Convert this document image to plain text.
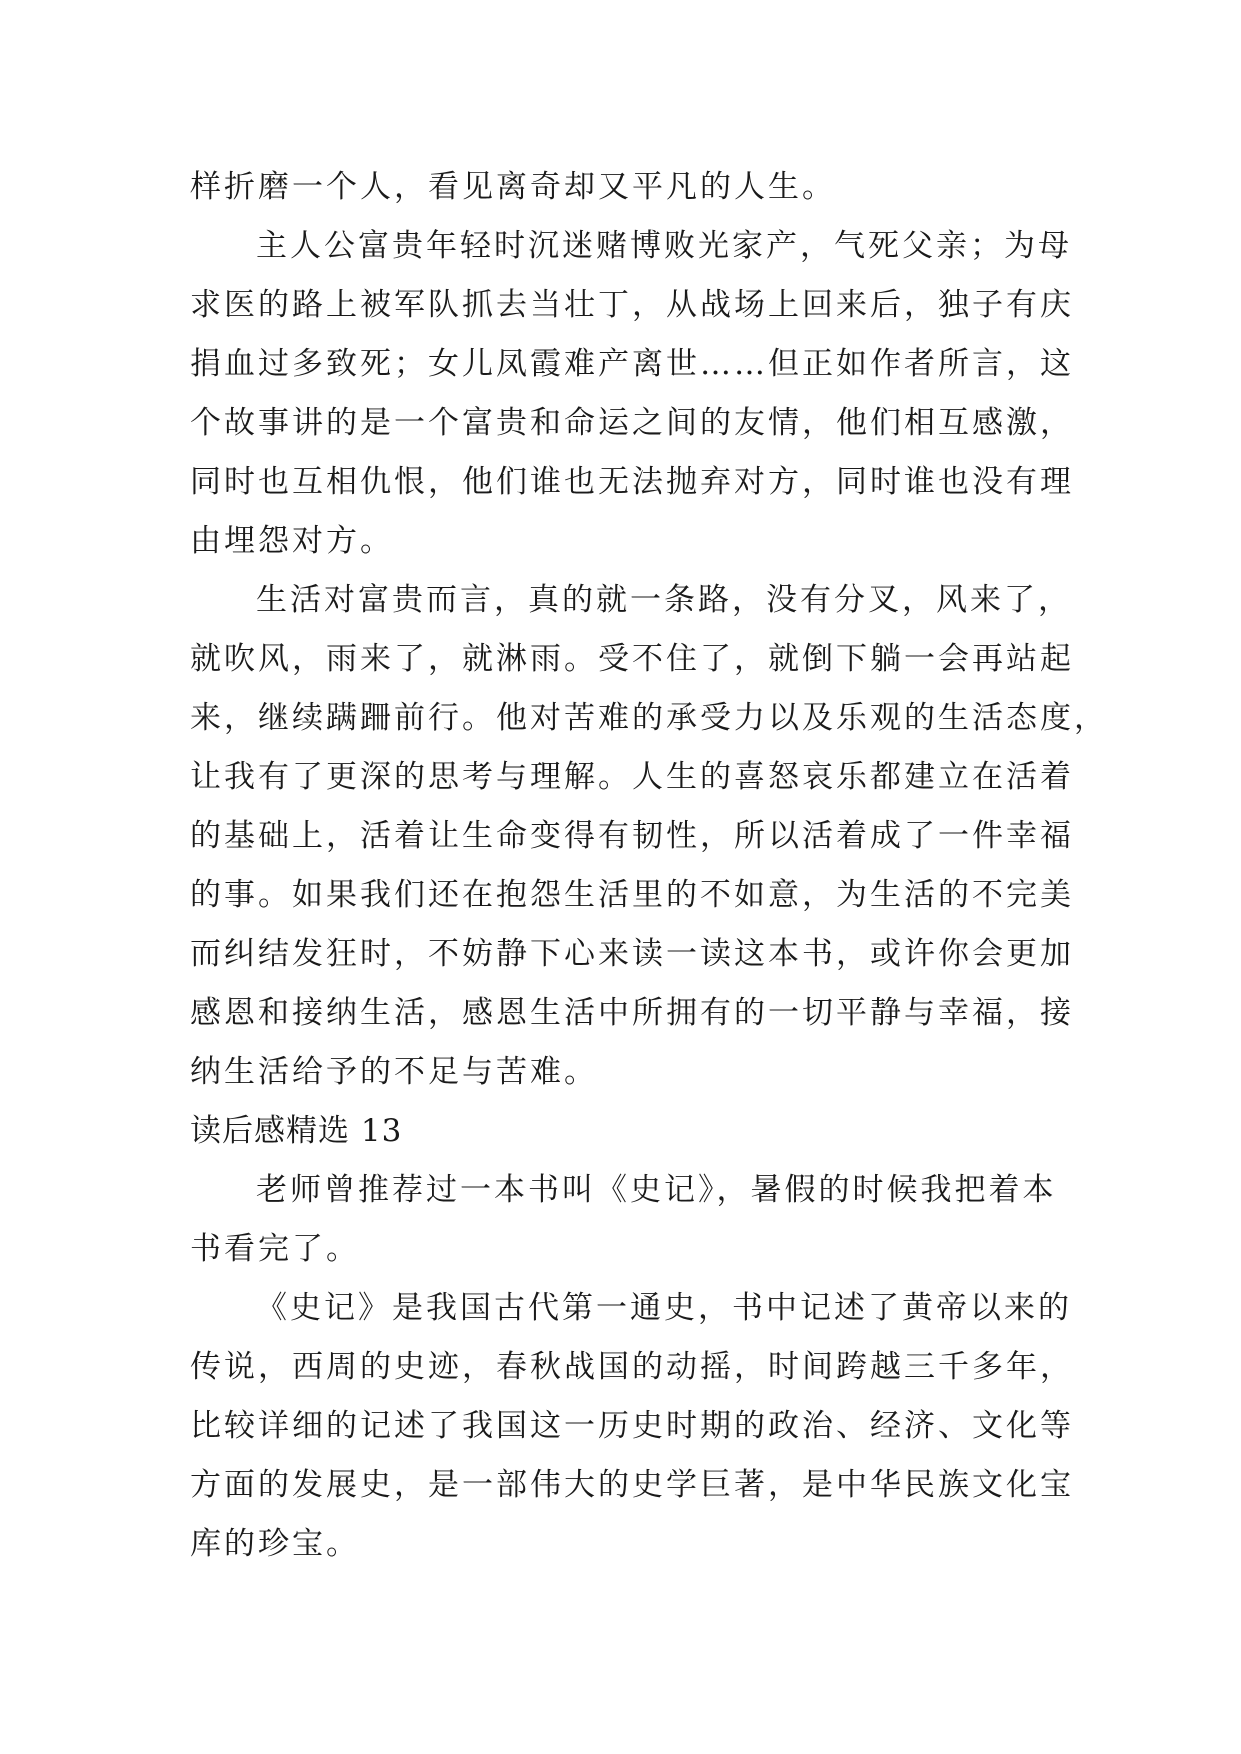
样折磨一个人，看见离奇却又平凡的人生。
主人公富贵年轻时沉迷赌博败光家产，气死父亲；为母
求医的路上被军队抓去当壮丁，从战场上回来后，独子有庆
捐血过多致死；女儿凤霞难产离世……但正如作者所言，这
个故事讲的是一个富贵和命运之间的友情，他们相互感激，
同时也互相仇恨，他们谁也无法抛弃对方，同时谁也没有理
由埋怨对方。
生活对富贵而言，真的就一条路，没有分叉，风来了，
就吹风，雨来了，就淋雨。受不住了，就倒下躺一会再站起
来，继续蹒跚前行。他对苦难的承受力以及乐观的生活态度，
让我有了更深的思考与理解。人生的喜怒哀乐都建立在活着
的基础上，活着让生命变得有韧性，所以活着成了一件幸福
的事。如果我们还在抱怨生活里的不如意，为生活的不完美
而纠结发狂时，不妨静下心来读一读这本书，或许你会更加
感恩和接纳生活，感恩生活中所拥有的一切平静与幸福，接
纳生活给予的不足与苦难。
读后感精选 13
老师曾推荐过一本书叫《史记》，暑假的时候我把着本
书看完了。
《史记》是我国古代第一通史，书中记述了黄帝以来的
传说，西周的史迹，春秋战国的动摇，时间跨越三千多年，
比较详细的记述了我国这一历史时期的政治、经济、文化等
方面的发展史，是一部伟大的史学巨著，是中华民族文化宝
库的珍宝。
